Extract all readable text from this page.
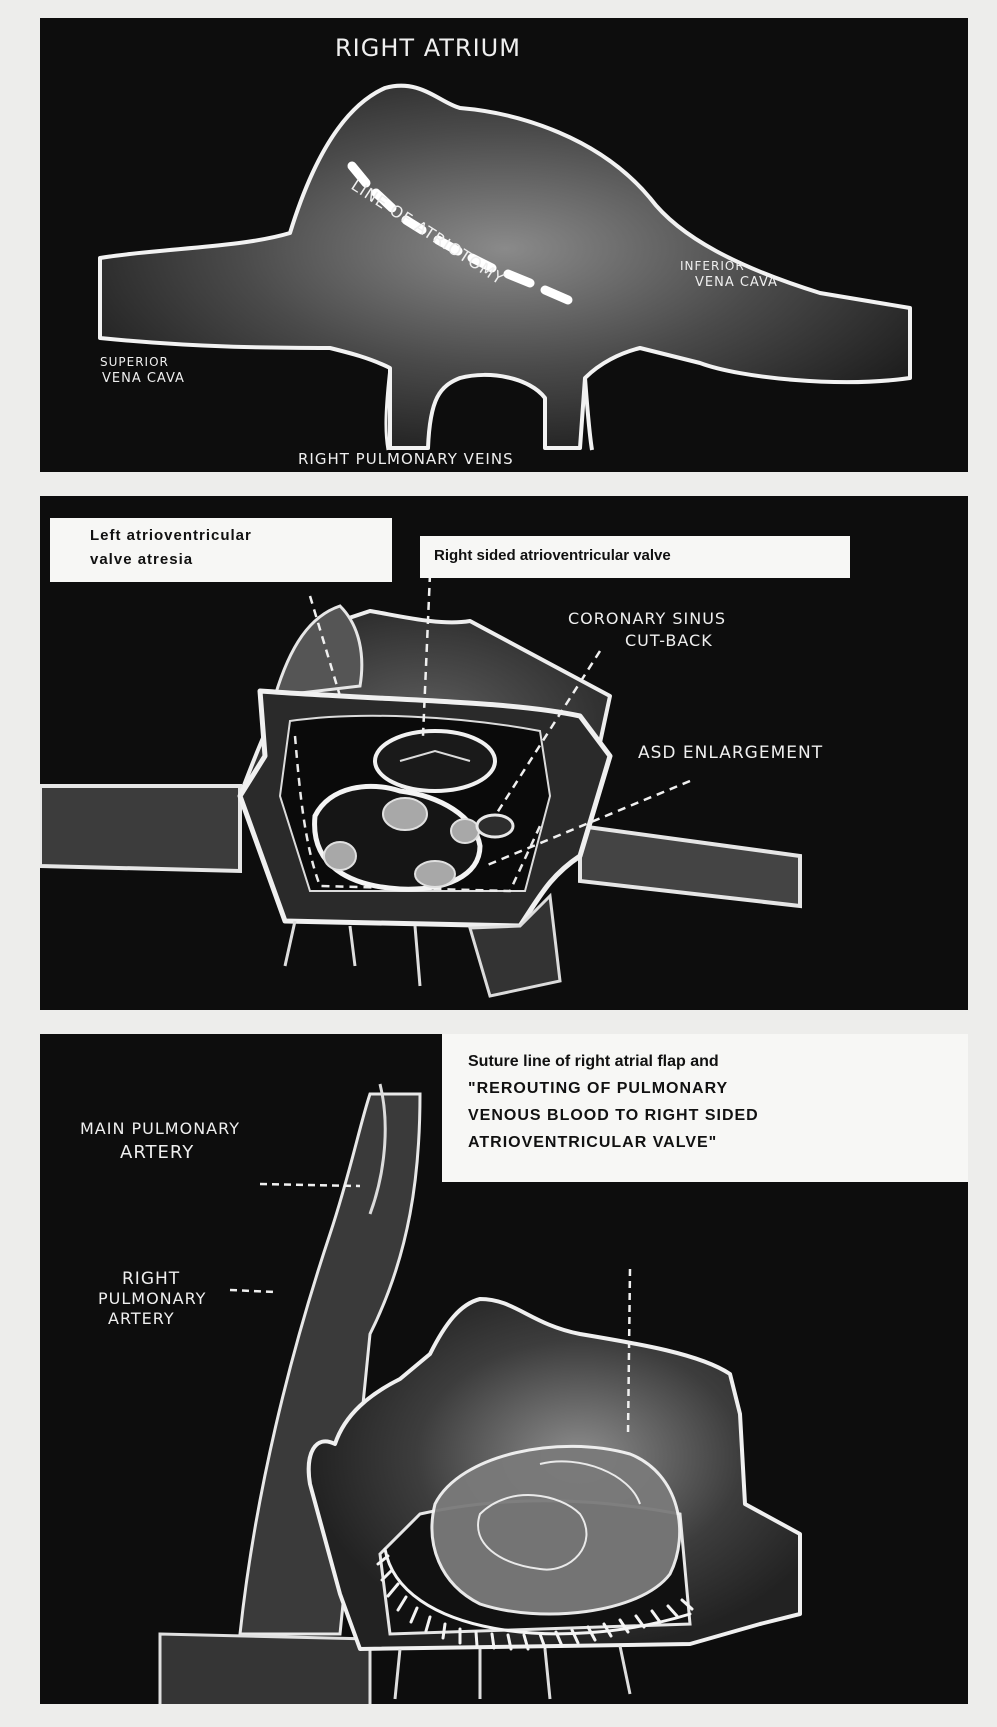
LINE OF ATRIOTOMY
RIGHT ATRIUM
INFERIOR
VENA CAVA
SUPERIOR
VENA CAVA
RIGHT PULMONARY VEINS
CORONARY SINUS
CUT-BACK
ASD ENLARGEMENT
Left atrioventricular
valve atresia	Right sided atrioventricular valve
MAIN PULMONARY
ARTERY
RIGHT
PULMONARY
ARTERY
Suture line of right atrial flap and
"REROUTING OF PULMONARY
VENOUS BLOOD TO RIGHT SIDED
ATRIOVENTRICULAR VALVE"
